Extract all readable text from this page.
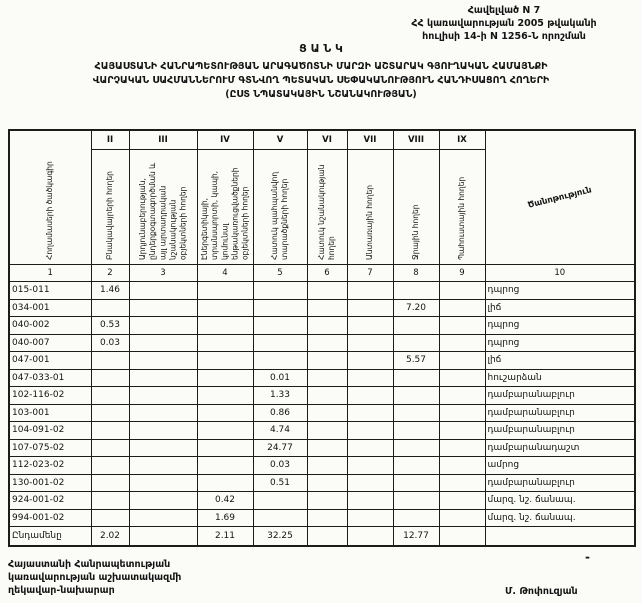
Հավելված N 7
ՀՀ կառավարության 2005 թվականի
հուլիսի 14-ի N 1256-Ն որոշման
Ց Ա Ն Կ
ՀԱՅԱՍՏԱՆԻ ՀԱՆՐԱՊԵՏՈՒԹՅԱՆ ԱՐԱԳԱԾՈՏՆԻ ՄԱՐԶԻ ԱՇՏԱՐԱԿ ԳՅՈՒՂԱԿԱՆ ՀԱՄԱՅՆՔԻ
ՎԱՐՉԱԿԱՆ ՍԱՀՄԱՆՆԵՐՈՒՄ ԳՏՆՎՈՂ ՊԵՏԱԿԱՆ ՍԵՓԱԿԱՆՈՒԹՅՈՒՆ ՀԱՆԴԻՍԱՑՈՂ ՀՈՂԵՐԻ
(ԸՍՏ ՆՊԱՏԱԿԱՅԻՆ ՆՇԱՆԱԿՈՒԹՅԱՆ)
Հողամասերի ծածկագիր	II	III	IV	V	VI	VII	VIII	IX	Ծանոթություն
	Բնակավայրերի հողեր	Արդյունաբերության, ընդերքօգտագործման և այլ արտադրական նշանակության օբյեկտների հողեր	Էներգետիկայի, տրանսպորտի, կապի, կոմունալ ենթակառուցվածքների օբյեկտների հողեր	Հատուկ պահպանվող տարածքների հողեր	Հատուկ նշանակության հողեր	Անտառային հողեր	Ջրային հողեր	Պահուստային հողեր	
1	2	3	4	5	6	7	8	9	10
015-011	1.46								դպրոց
034-001							7.20		լիճ
040-002	0.53								դպրոց
040-007	0.03								դպրոց
047-001							5.57		լիճ
047-033-01				0.01					հուշարձան
102-116-02				1.33					դամբարանաբլուր
103-001				0.86					դամբարանաբլուր
104-091-02				4.74					դամբարանաբլուր
107-075-02				24.77					դամբարանադաշտ
112-023-02				0.03					ամրոց
130-001-02				0.51					դամբարանաբլուր
924-001-02			0.42						մարզ. նշ. ճանապ.
994-001-02			1.69						մարզ. նշ. ճանապ.
Ընդամենը	2.02		2.11	32.25			12.77		
-
Հայաստանի Հանրապետության
կառավարության աշխատակազմի
ղեկավար-նախարար	Մ. Թոփուզյան
